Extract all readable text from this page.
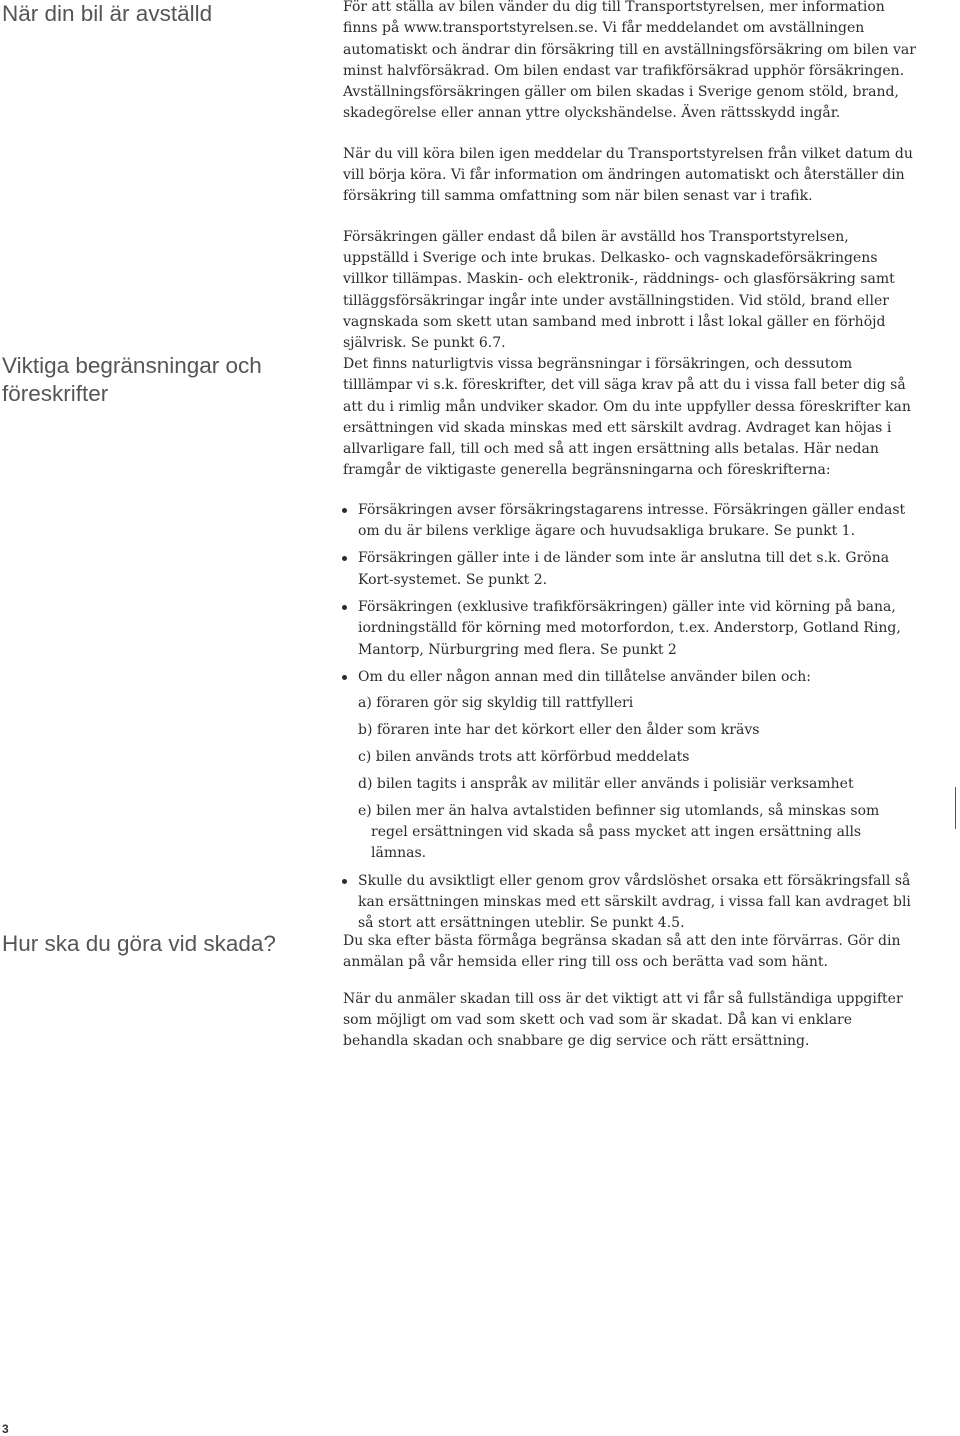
När din bil är avställd	För att ställa av bilen vänder du dig till Transportstyrelsen, mer information finns på www.transportstyrelsen.se. Vi får meddelandet om avställningen automatiskt och ändrar din försäkring till en avställningsförsäkring om bilen var minst halvförsäkrad. Om bilen endast var trafikförsäkrad upphör försäkringen. Avställningsförsäkringen gäller om bilen skadas i Sverige genom stöld, brand, skadegörelse eller annan yttre olyckshändelse. Även rättsskydd ingår.

När du vill köra bilen igen meddelar du Transportstyrelsen från vilket datum du vill börja köra. Vi får information om ändringen automatiskt och återställer din försäkring till samma omfattning som när bilen senast var i trafik.

Försäkringen gäller endast då bilen är avställd hos Transportstyrelsen, uppställd i Sverige och inte brukas. Delkasko- och vagnskadeförsäkringens villkor tillämpas. Maskin- och elektronik-, räddnings- och glasförsäkring samt tilläggsförsäkringar ingår inte under avställningstiden. Vid stöld, brand eller vagnskada som skett utan samband med inbrott i låst lokal gäller en förhöjd självrisk. Se punkt 6.7.

Viktiga begränsningar och föreskrifter

Det finns naturligtvis vissa begränsningar i försäkringen, och dessutom tilllämpar vi s.k. föreskrifter, det vill säga krav på att du i vissa fall beter dig så att du i rimlig mån undviker skador. Om du inte uppfyller dessa föreskrifter kan ersättningen vid skada minskas med ett särskilt avdrag. Avdraget kan höjas i allvarligare fall, till och med så att ingen ersättning alls betalas. Här nedan framgår de viktigaste generella begränsningarna och föreskrifterna:

Försäkringen avser försäkringstagarens intresse. Försäkringen gäller endast om du är bilens verklige ägare och huvudsakliga brukare. Se punkt 1.
Försäkringen gäller inte i de länder som inte är anslutna till det s.k. Gröna Kort-systemet. Se punkt 2.
Försäkringen (exklusive trafikförsäkringen) gäller inte vid körning på bana, iordningställd för körning med motorfordon, t.ex. Anderstorp, Gotland Ring, Mantorp, Nürburgring med flera. Se punkt 2
Om du eller någon annan med din tillåtelse använder bilen och:
a) föraren gör sig skyldig till rattfylleri
b) föraren inte har det körkort eller den ålder som krävs
c) bilen används trots att körförbud meddelats
d) bilen tagits i anspråk av militär eller används i polisiär verksamhet
e) bilen mer än halva avtalstiden befinner sig utomlands, så minskas som regel ersättningen vid skada så pass mycket att ingen ersättning alls lämnas.
Skulle du avsiktligt eller genom grov vårdslöshet orsaka ett försäkringsfall så kan ersättningen minskas med ett särskilt avdrag, i vissa fall kan avdraget bli så stort att ersättningen uteblir. Se punkt 4.5.
Hur ska du göra vid skada?	Du ska efter bästa förmåga begränsa skadan så att den inte förvärras. Gör din anmälan på vår hemsida eller ring till oss och berätta vad som hänt.

När du anmäler skadan till oss är det viktigt att vi får så fullständiga uppgifter som möjligt om vad som skett och vad som är skadat. Då kan vi enklare behandla skadan och snabbare ge dig service och rätt ersättning.

3
